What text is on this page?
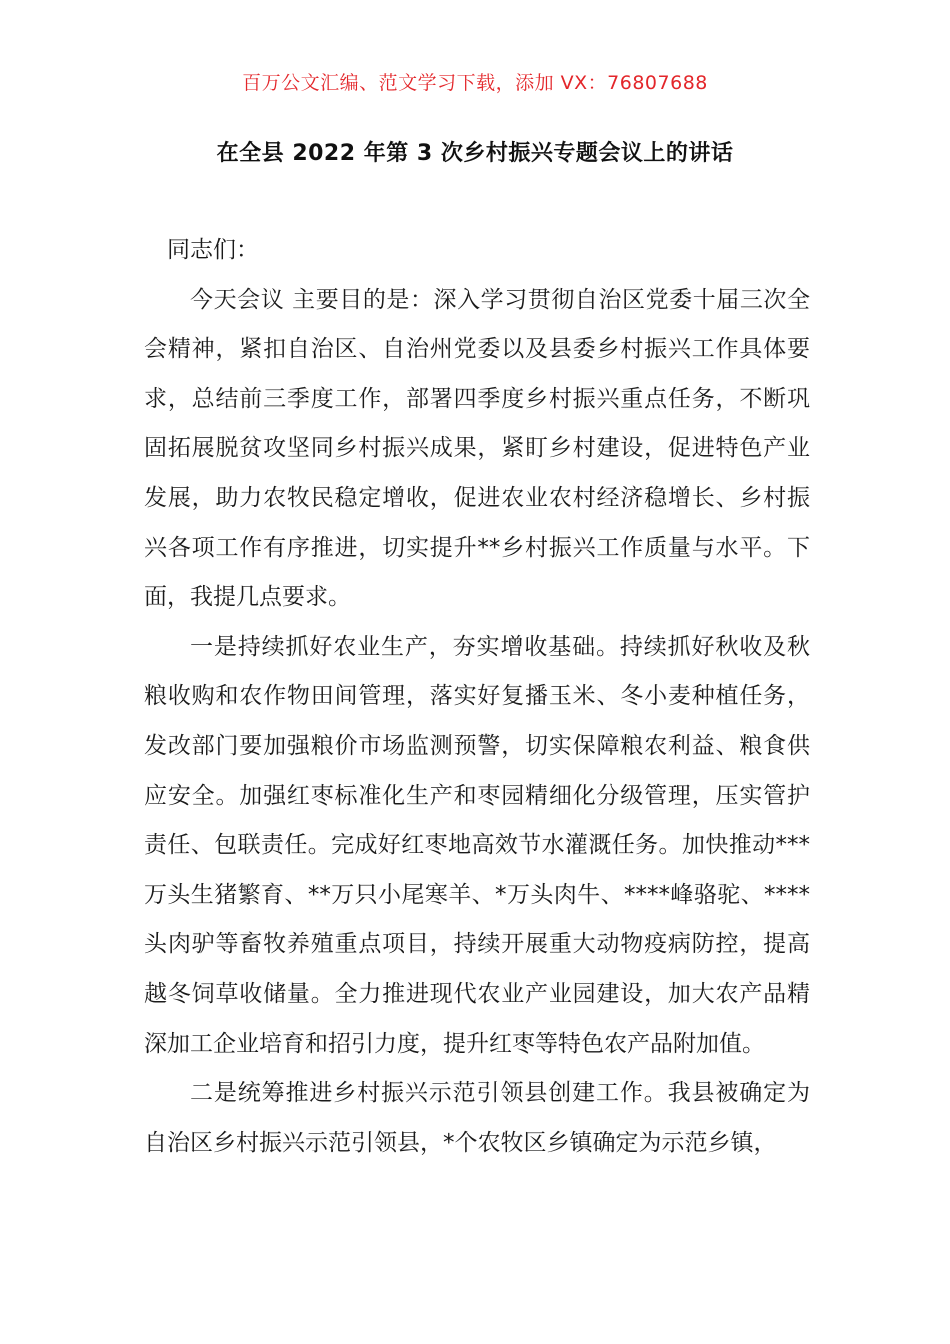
百万公文汇编、范文学习下载，添加 VX：76807688
在全县 2022 年第 3 次乡村振兴专题会议上的讲话

同志们：

今天会议 主要目的是：深入学习贯彻自治区党委十届三次全会精神，紧扣自治区、自治州党委以及县委乡村振兴工作具体要求，总结前三季度工作，部署四季度乡村振兴重点任务，不断巩固拓展脱贫攻坚同乡村振兴成果，紧盯乡村建设，促进特色产业发展，助力农牧民稳定增收，促进农业农村经济稳增长、乡村振兴各项工作有序推进，切实提升**乡村振兴工作质量与水平。下面，我提几点要求。

一是持续抓好农业生产，夯实增收基础。持续抓好秋收及秋粮收购和农作物田间管理，落实好复播玉米、冬小麦种植任务，发改部门要加强粮价市场监测预警，切实保障粮农利益、粮食供应安全。加强红枣标准化生产和枣园精细化分级管理，压实管护责任、包联责任。完成好红枣地高效节水灌溉任务。加快推动***万头生猪繁育、**万只小尾寒羊、*万头肉牛、****峰骆驼、****头肉驴等畜牧养殖重点项目，持续开展重大动物疫病防控，提高越冬饲草收储量。全力推进现代农业产业园建设，加大农产品精深加工企业培育和招引力度，提升红枣等特色农产品附加值。

二是统筹推进乡村振兴示范引领县创建工作。我县被确定为自治区乡村振兴示范引领县，*个农牧区乡镇确定为示范乡镇，
